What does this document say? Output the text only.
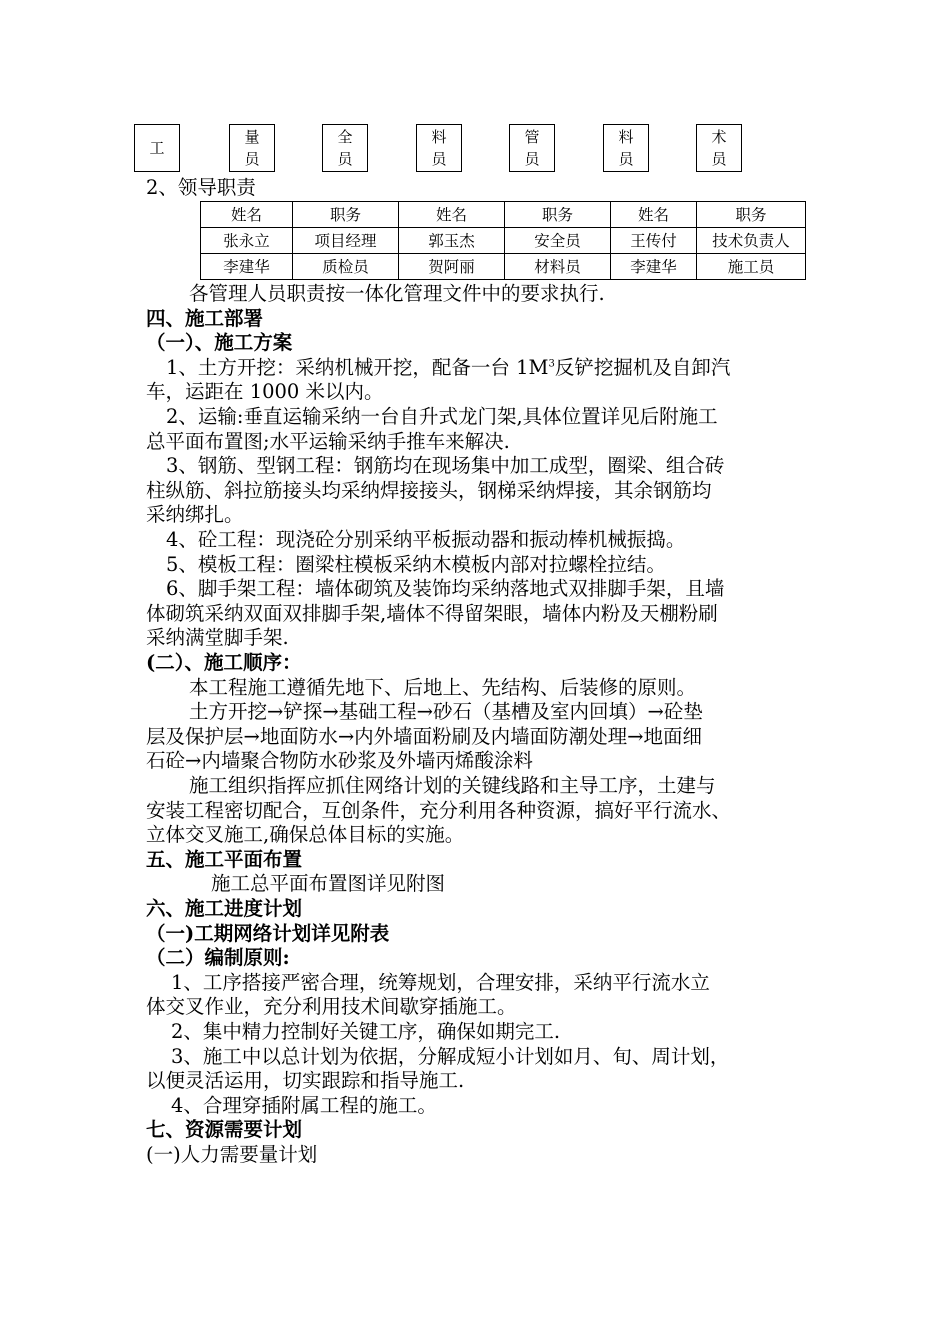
工
量
员
全
员
料
员
管
员
料
员
术
员
2、领导职责
姓名	职务	姓名	职务	姓名	职务
张永立	项目经理	郭玉杰	安全员	王传付	技术负责人
李建华	质检员	贺阿丽	材料员	李建华	施工员
各管理人员职责按一体化管理文件中的要求执行.
四、施工部署
（一）、施工方案
1、土方开挖：采纳机械开挖，配备一台 $1M^3$反铲挖掘机及自卸汽
车，运距在 1000 米以内。
2、运输:垂直运输采纳一台自升式龙门架,具体位置详见后附施工
总平面布置图;水平运输采纳手推车来解决.
3、钢筋、型钢工程：钢筋均在现场集中加工成型，圈梁、组合砖
柱纵筋、斜拉筋接头均采纳焊接接头，钢梯采纳焊接，其余钢筋均
采纳绑扎。
4、砼工程：现浇砼分别采纳平板振动器和振动棒机械振捣。
5、模板工程：圈梁柱模板采纳木模板内部对拉螺栓拉结。
6、脚手架工程：墙体砌筑及装饰均采纳落地式双排脚手架，且墙
体砌筑采纳双面双排脚手架,墙体不得留架眼，墙体内粉及天棚粉刷
采纳满堂脚手架.
(二）、施工顺序：
本工程施工遵循先地下、后地上、先结构、后装修的原则。
土方开挖→铲探→基础工程→砂石（基槽及室内回填）→砼垫
层及保护层→地面防水→内外墙面粉刷及内墙面防潮处理→地面细
石砼→内墙聚合物防水砂浆及外墙丙烯酸涂料
施工组织指挥应抓住网络计划的关键线路和主导工序，土建与
安装工程密切配合，互创条件，充分利用各种资源，搞好平行流水、
立体交叉施工,确保总体目标的实施。
五、施工平面布置
施工总平面布置图详见附图
六、施工进度计划
（一)工期网络计划详见附表
（二）编制原则:
1、工序搭接严密合理，统筹规划，合理安排，采纳平行流水立
体交叉作业，充分利用技术间歇穿插施工。
2、集中精力控制好关键工序，确保如期完工.
3、施工中以总计划为依据，分解成短小计划如月、旬、周计划，
以便灵活运用，切实跟踪和指导施工.
4、合理穿插附属工程的施工。
七、资源需要计划
(一)人力需要量计划
